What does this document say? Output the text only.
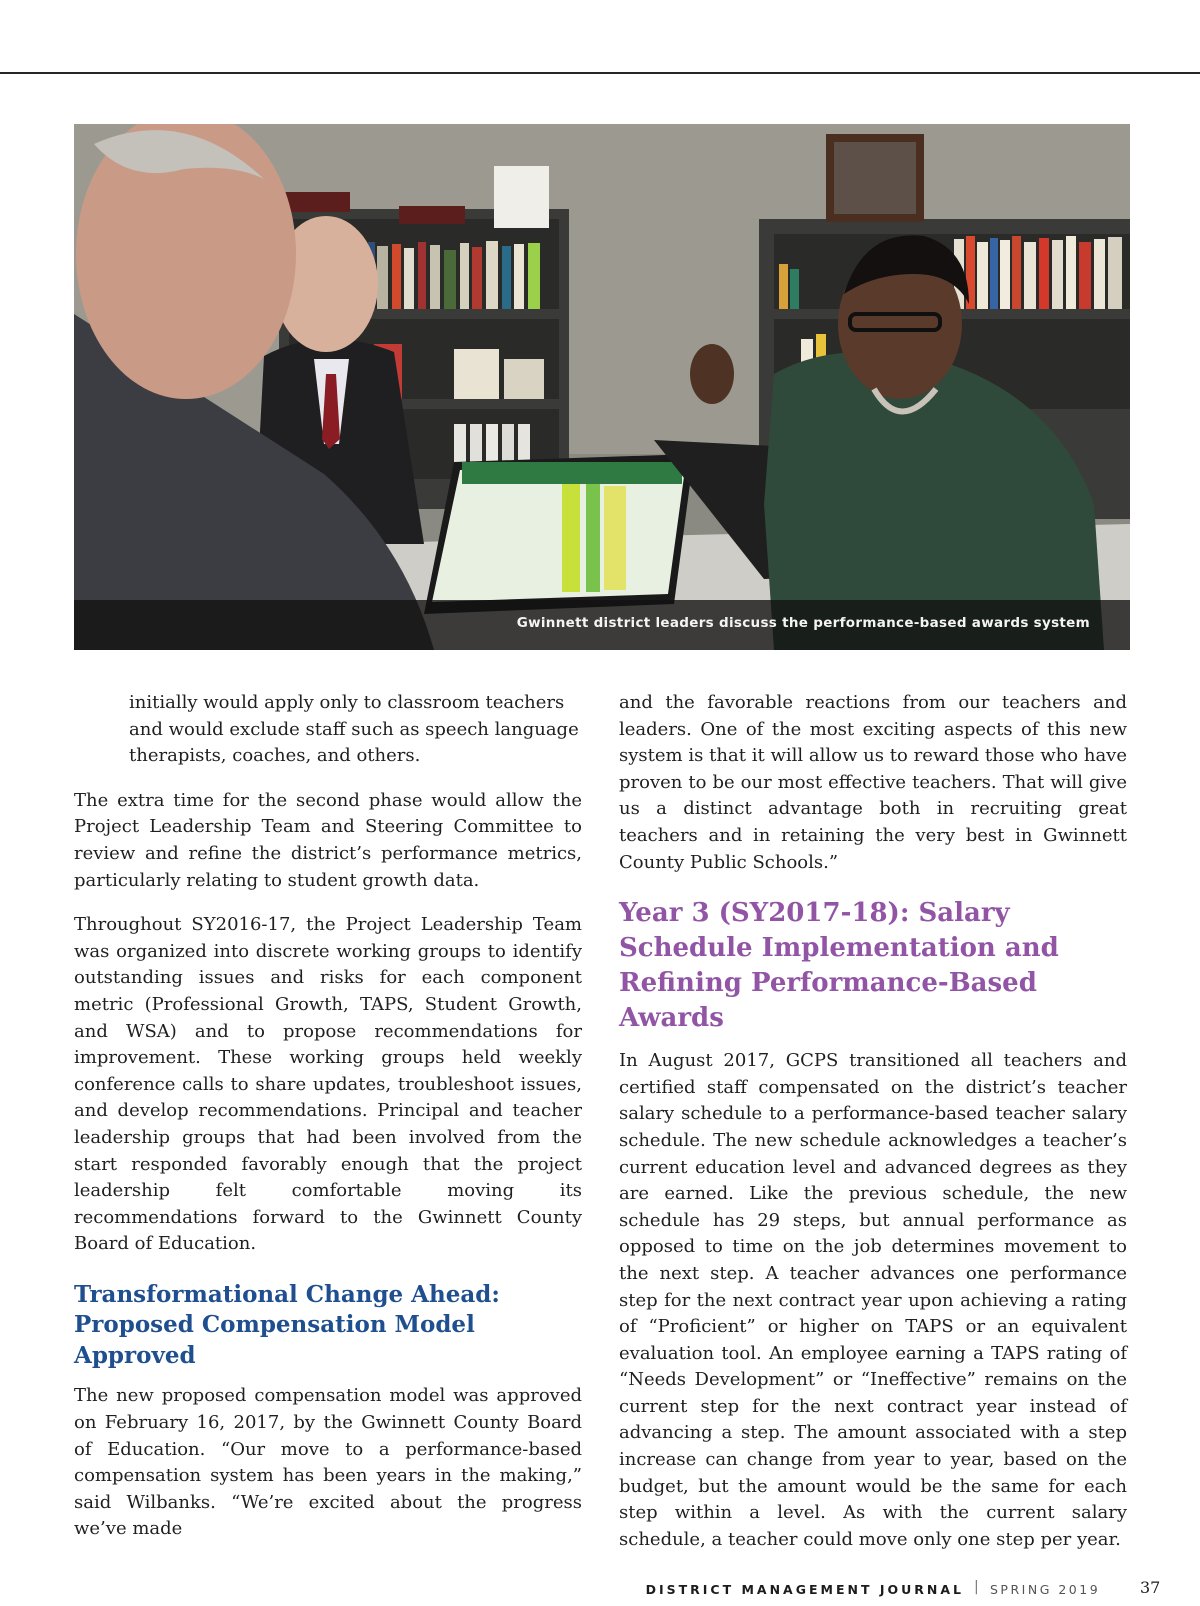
Gwinnett district leaders discuss the performance-based awards system

initially would apply only to classroom teachers and would exclude staff such as speech language therapists, coaches, and others.

The extra time for the second phase would allow the Project Leadership Team and Steering Committee to review and refine the district’s performance metrics, particularly relating to student growth data.

Throughout SY2016-17, the Project Leadership Team was organized into discrete working groups to identify outstanding issues and risks for each component metric (Professional Growth, TAPS, Student Growth, and WSA) and to propose recommendations for improvement. These working groups held weekly conference calls to share updates, troubleshoot issues, and develop recommendations. Principal and teacher leadership groups that had been involved from the start responded favorably enough that the project leadership felt comfortable moving its recommendations forward to the Gwinnett County Board of Education.

Transformational Change Ahead: Proposed Compensation Model Approved

The new proposed compensation model was approved on February 16, 2017, by the Gwinnett County Board of Education. “Our move to a performance-based compensation system has been years in the making,” said Wilbanks. “We’re excited about the progress we’ve made

and the favorable reactions from our teachers and leaders. One of the most exciting aspects of this new system is that it will allow us to reward those who have proven to be our most effective teachers. That will give us a distinct advantage both in recruiting great teachers and in retaining the very best in Gwinnett County Public Schools.”

Year 3 (SY2017-18): Salary Schedule Implementation and Refining Performance-Based Awards

In August 2017, GCPS transitioned all teachers and certified staff compensated on the district’s teacher salary schedule to a performance-based teacher salary schedule. The new schedule acknowledges a teacher’s current education level and advanced degrees as they are earned. Like the previous schedule, the new schedule has 29 steps, but annual performance as opposed to time on the job determines movement to the next step. A teacher advances one performance step for the next contract year upon achieving a rating of “Proficient” or higher on TAPS or an equivalent evaluation tool. An employee earning a TAPS rating of “Needs Development” or “Ineffective” remains on the current step for the next contract year instead of advancing a step. The amount associated with a step increase can change from year to year, based on the budget, but the amount would be the same for each step within a level. As with the current salary schedule, a teacher could move only one step per year.

DISTRICT MANAGEMENT JOURNAL | SPRING 2019 37
